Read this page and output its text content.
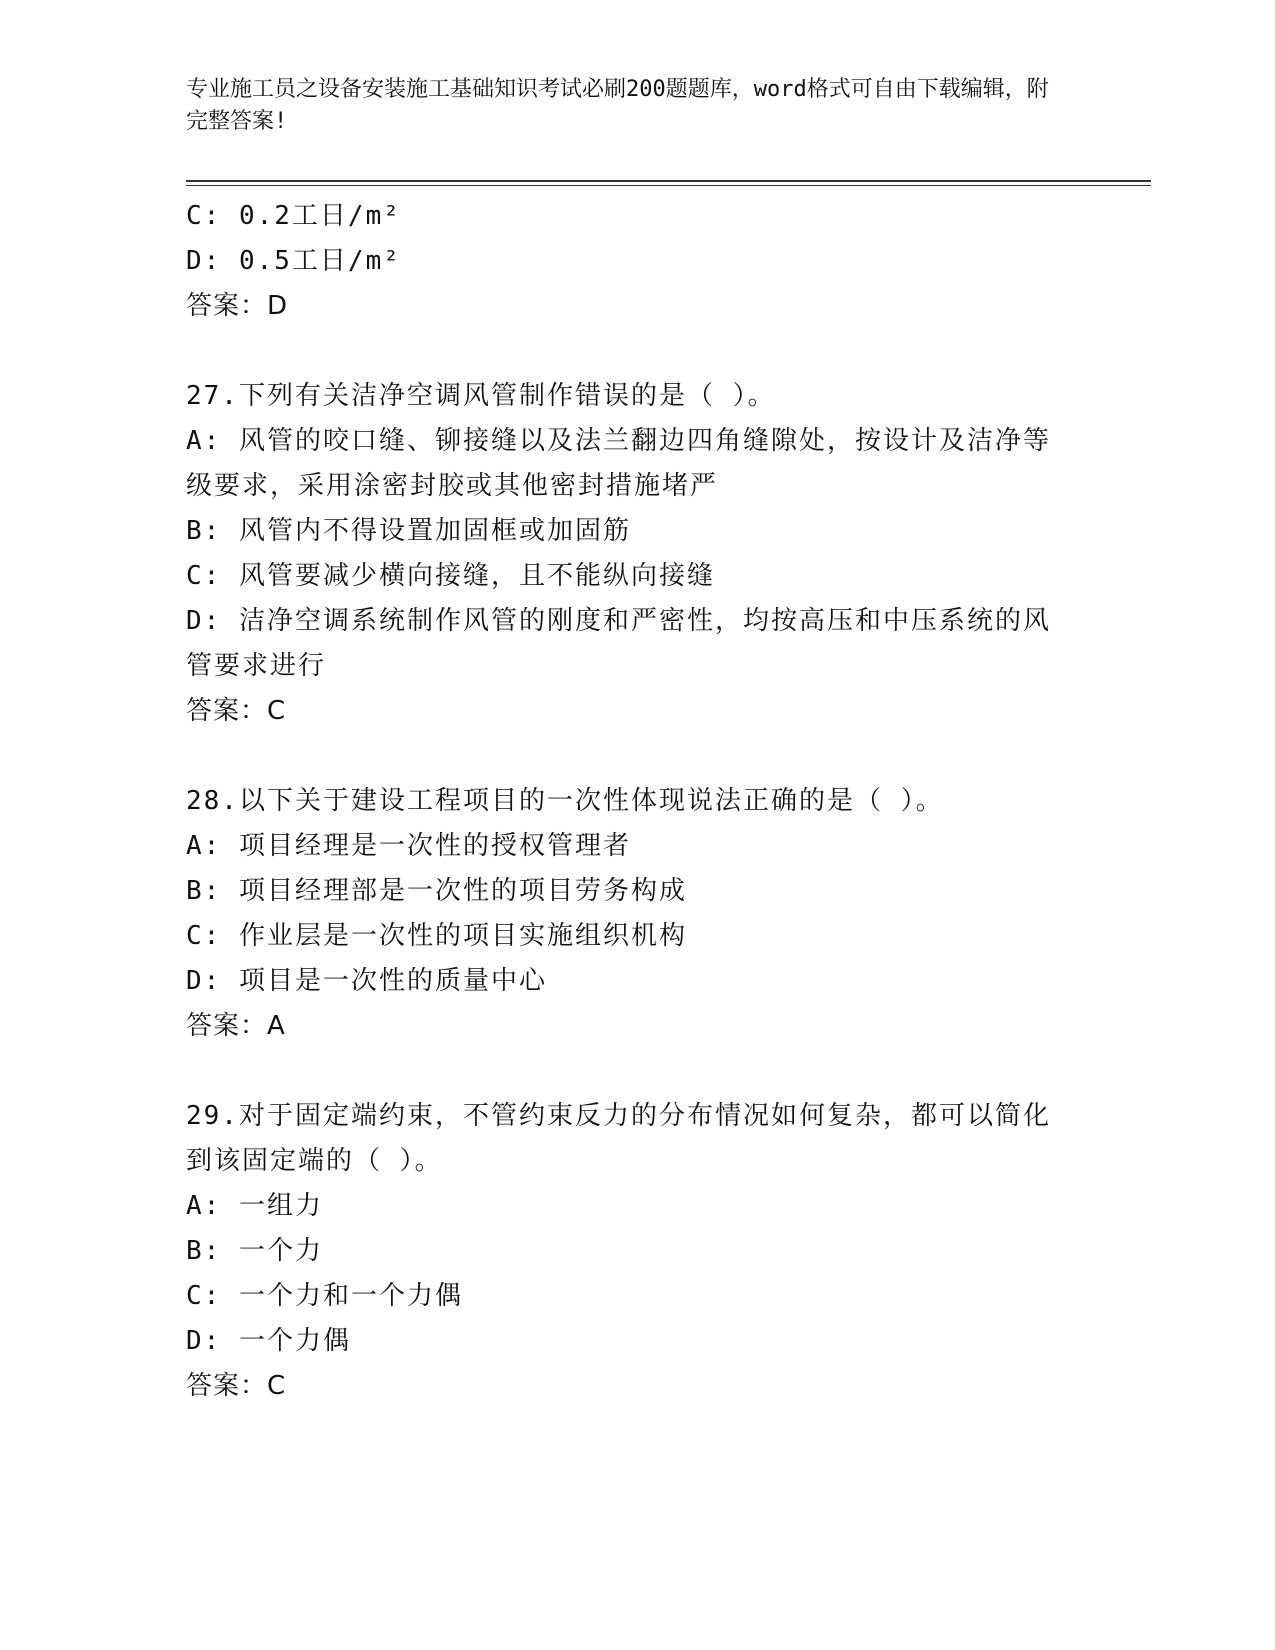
专业施工员之设备安装施工基础知识考试必刷200题题库，word格式可自由下载编辑，附完整答案!
C: 0.2工日/m²
D: 0.5工日/m²
答案：D
27.下列有关洁净空调风管制作错误的是（ ）。
A: 风管的咬口缝、铆接缝以及法兰翻边四角缝隙处，按设计及洁净等级要求，采用涂密封胶或其他密封措施堵严
B: 风管内不得设置加固框或加固筋
C: 风管要减少横向接缝，且不能纵向接缝
D: 洁净空调系统制作风管的刚度和严密性，均按高压和中压系统的风管要求进行
答案：C
28.以下关于建设工程项目的一次性体现说法正确的是（ ）。
A: 项目经理是一次性的授权管理者
B: 项目经理部是一次性的项目劳务构成
C: 作业层是一次性的项目实施组织机构
D: 项目是一次性的质量中心
答案：A
29.对于固定端约束，不管约束反力的分布情况如何复杂，都可以简化到该固定端的（ ）。
A: 一组力
B: 一个力
C: 一个力和一个力偶
D: 一个力偶
答案：C
